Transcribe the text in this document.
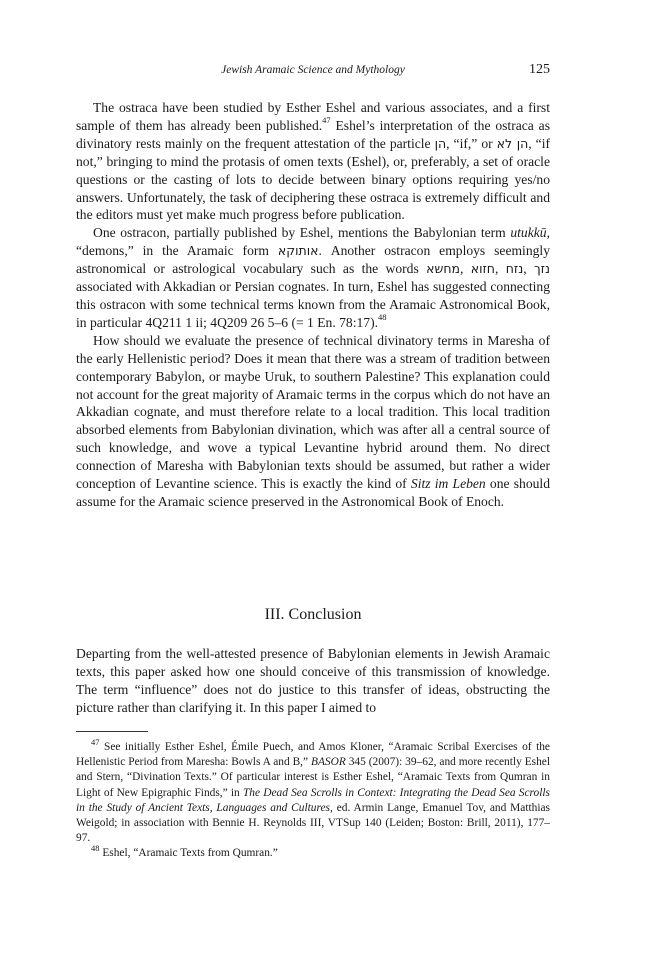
Jewish Aramaic Science and Mythology	125

The ostraca have been studied by Esther Eshel and various associates, and a first sample of them has already been published.$^{47}$ Eshel’s interpretation of the ostraca as divinatory rests mainly on the frequent attestation of the particle הן, “if,” or הן לא, “if not,” bringing to mind the protasis of omen texts (Eshel), or, preferably, a set of oracle questions or the casting of lots to decide between binary options requiring yes/no answers. Unfortunately, the task of deciphering these ostraca is extremely difficult and the editors must yet make much progress before publication.

One ostracon, partially published by Eshel, mentions the Babylonian term utukkū, “demons,” in the Aramaic form אותוקא. Another ostracon employs seemingly astronomical or astrological vocabulary such as the words מחשא, חזוא, נזח, נזך associated with Akkadian or Persian cognates. In turn, Eshel has suggested connecting this ostracon with some technical terms known from the Aramaic Astronomical Book, in particular 4Q211 1 ii; 4Q209 26 5–6 (= 1 En. 78:17).$^{48}$

How should we evaluate the presence of technical divinatory terms in Maresha of the early Hellenistic period? Does it mean that there was a stream of tradition between contemporary Babylon, or maybe Uruk, to southern Palestine? This explanation could not account for the great majority of Aramaic terms in the corpus which do not have an Akkadian cognate, and must therefore relate to a local tradition. This local tradition absorbed elements from Babylonian divination, which was after all a central source of such knowledge, and wove a typical Levantine hybrid around them. No direct connection of Maresha with Babylonian texts should be assumed, but rather a wider conception of Levantine science. This is exactly the kind of Sitz im Leben one should assume for the Aramaic science preserved in the Astronomical Book of Enoch.

III. Conclusion

Departing from the well-attested presence of Babylonian elements in Jewish Aramaic texts, this paper asked how one should conceive of this transmission of knowledge. The term “influence” does not do justice to this transfer of ideas, obstructing the picture rather than clarifying it. In this paper I aimed to

$^{47}$ See initially Esther Eshel, Émile Puech, and Amos Kloner, “Aramaic Scribal Exercises of the Hellenistic Period from Maresha: Bowls A and B,” BASOR 345 (2007): 39–62, and more recently Eshel and Stern, “Divination Texts.” Of particular interest is Esther Eshel, “Aramaic Texts from Qumran in Light of New Epigraphic Finds,” in The Dead Sea Scrolls in Context: Integrating the Dead Sea Scrolls in the Study of Ancient Texts, Languages and Cultures, ed. Armin Lange, Emanuel Tov, and Matthias Weigold; in association with Bennie H. Reynolds III, VTSup 140 (Leiden; Boston: Brill, 2011), 177–97.

$^{48}$ Eshel, “Aramaic Texts from Qumran.”
